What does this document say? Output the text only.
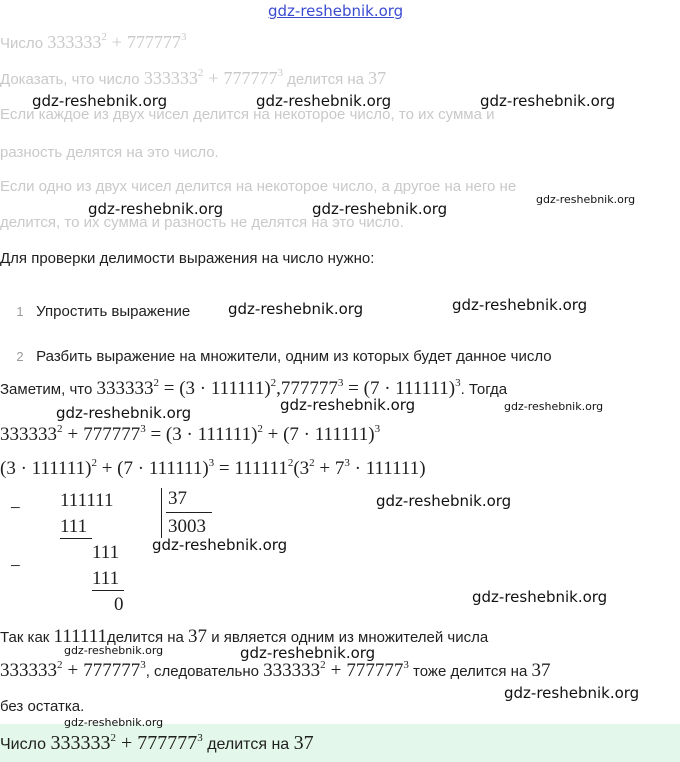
gdz-reshebnik.org
Число $333333^2 + 777777^3$
Доказать, что число $333333^2 + 777777^3$ делится на 37
Если каждое из двух чисел делится на некоторое число, то их сумма и
разность делятся на это число.
Если одно из двух чисел делится на некоторое число, а другое на него не
делится, то их сумма и разность не делятся на это число.
Для проверки делимости выражения на число нужно:
1 Упростить выражение
2 Разбить выражение на множители, одним из которых будет данное число
Заметим, что $333333^2 = (3 \cdot 111111)^2,777777^3 = (7 \cdot 111111)^3$. Тогда
$333333^2 + 777777^3 = (3 \cdot 111111)^2 + (7 \cdot 111111)^3$
$(3 \cdot 111111)^2 + (7 \cdot 111111)^3 = 111111^2(3^2 + 7^3 \cdot 111111)$
− 111111
111
111
−
111
0
37
3003
Так как 111111делится на 37 и является одним из множителей числа
$333333^2 + 777777^3$, следовательно $333333^2 + 777777^3$ тоже делится на 37
без остатка.
Число $333333^2 + 777777^3$ делится на 37
gdz-reshebnik.org	gdz-reshebnik.org	gdz-reshebnik.org
gdz-reshebnik.org	gdz-reshebnik.org
gdz-reshebnik.org
gdz-reshebnik.org	gdz-reshebnik.org
gdz-reshebnik.org	gdz-reshebnik.org	gdz-reshebnik.org
gdz-reshebnik.org
gdz-reshebnik.org
gdz-reshebnik.org
gdz-reshebnik.org	gdz-reshebnik.org
gdz-reshebnik.org
gdz-reshebnik.org
